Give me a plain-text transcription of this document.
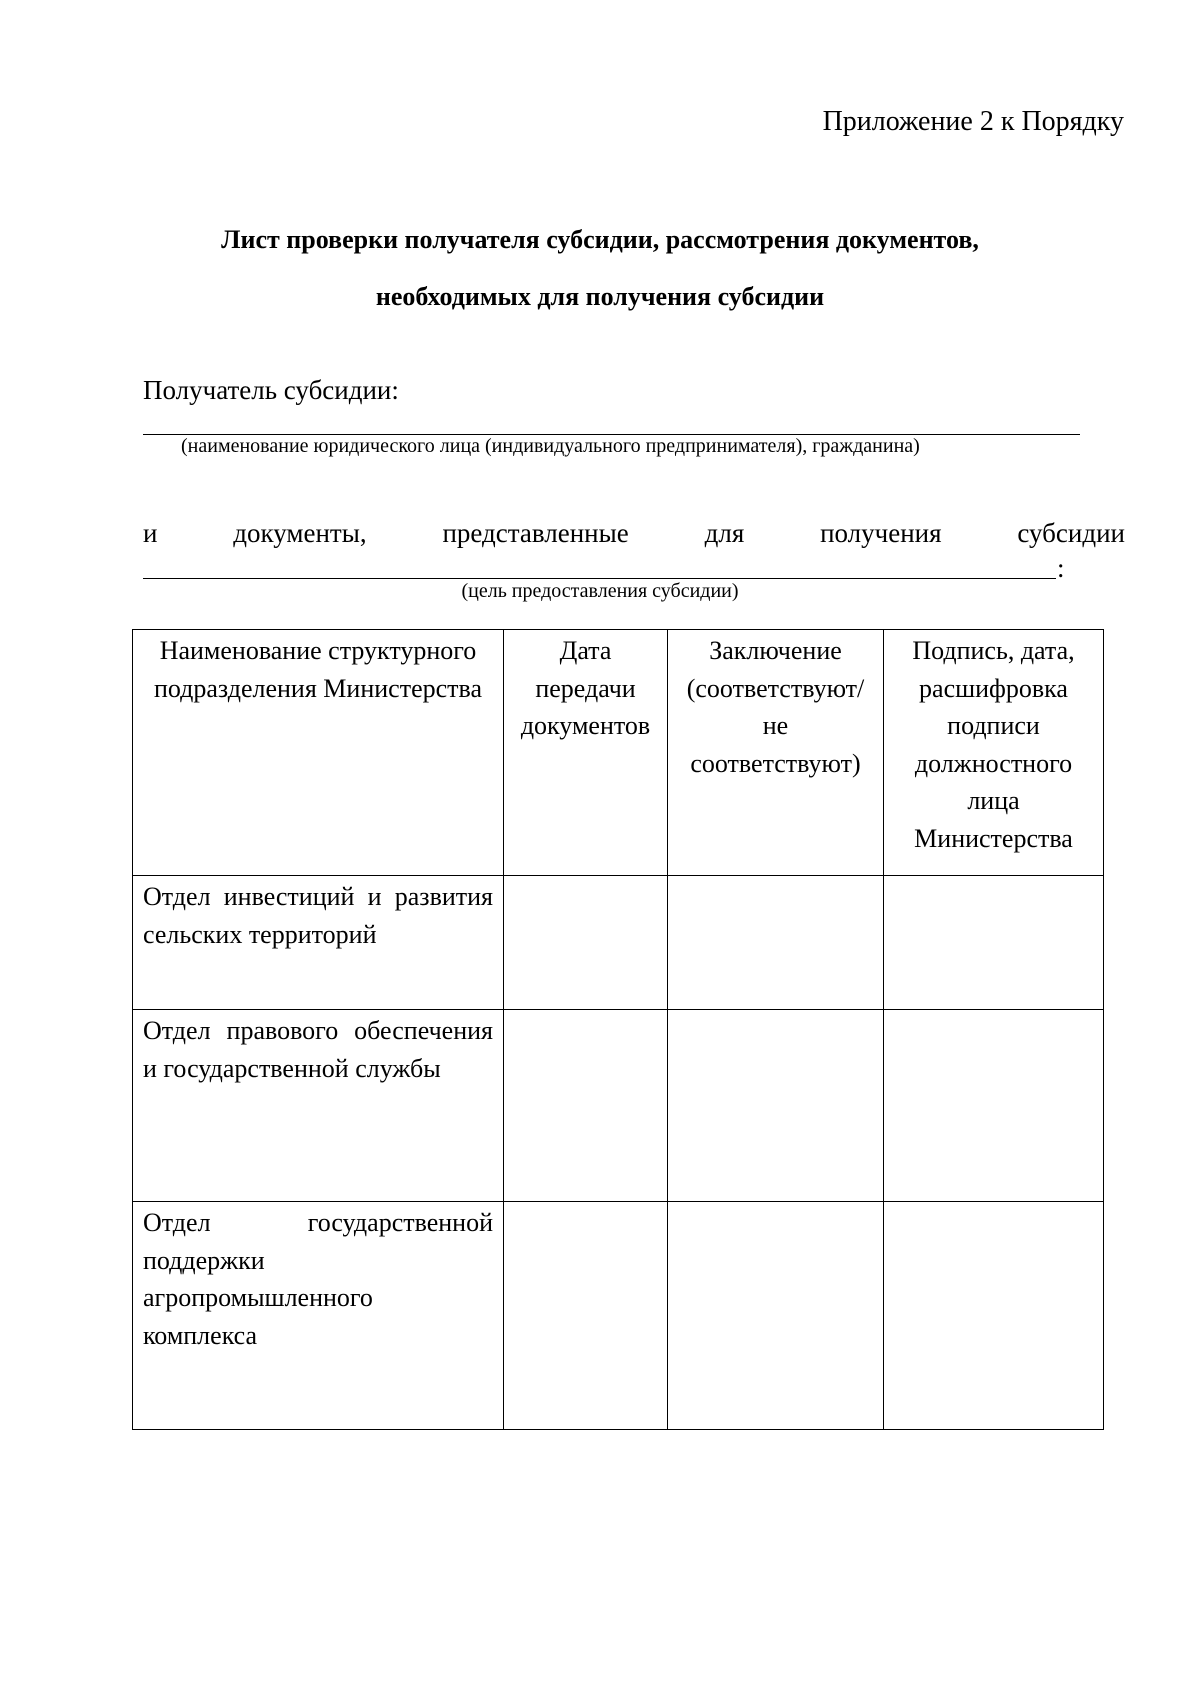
Приложение 2 к Порядку
Лист проверки получателя субсидии, рассмотрения документов,
необходимых для получения субсидии
Получатель субсидии:
(наименование юридического лица (индивидуального предпринимателя), гражданина)
и	документы,	представленные	для	получения	субсидии
:
(цель предоставления субсидии)
Наименование структурного подразделения Министерства	Дата передачи документов	Заключение (соответствуют/ не соответствуют)	Подпись, дата, расшифровка подписи должностного лица Министерства
Отдел инвестиций и развития сельских территорий			
Отдел правового обеспечения и государственной службы			
Отдел государственной поддержки агропромышленного комплекса			
